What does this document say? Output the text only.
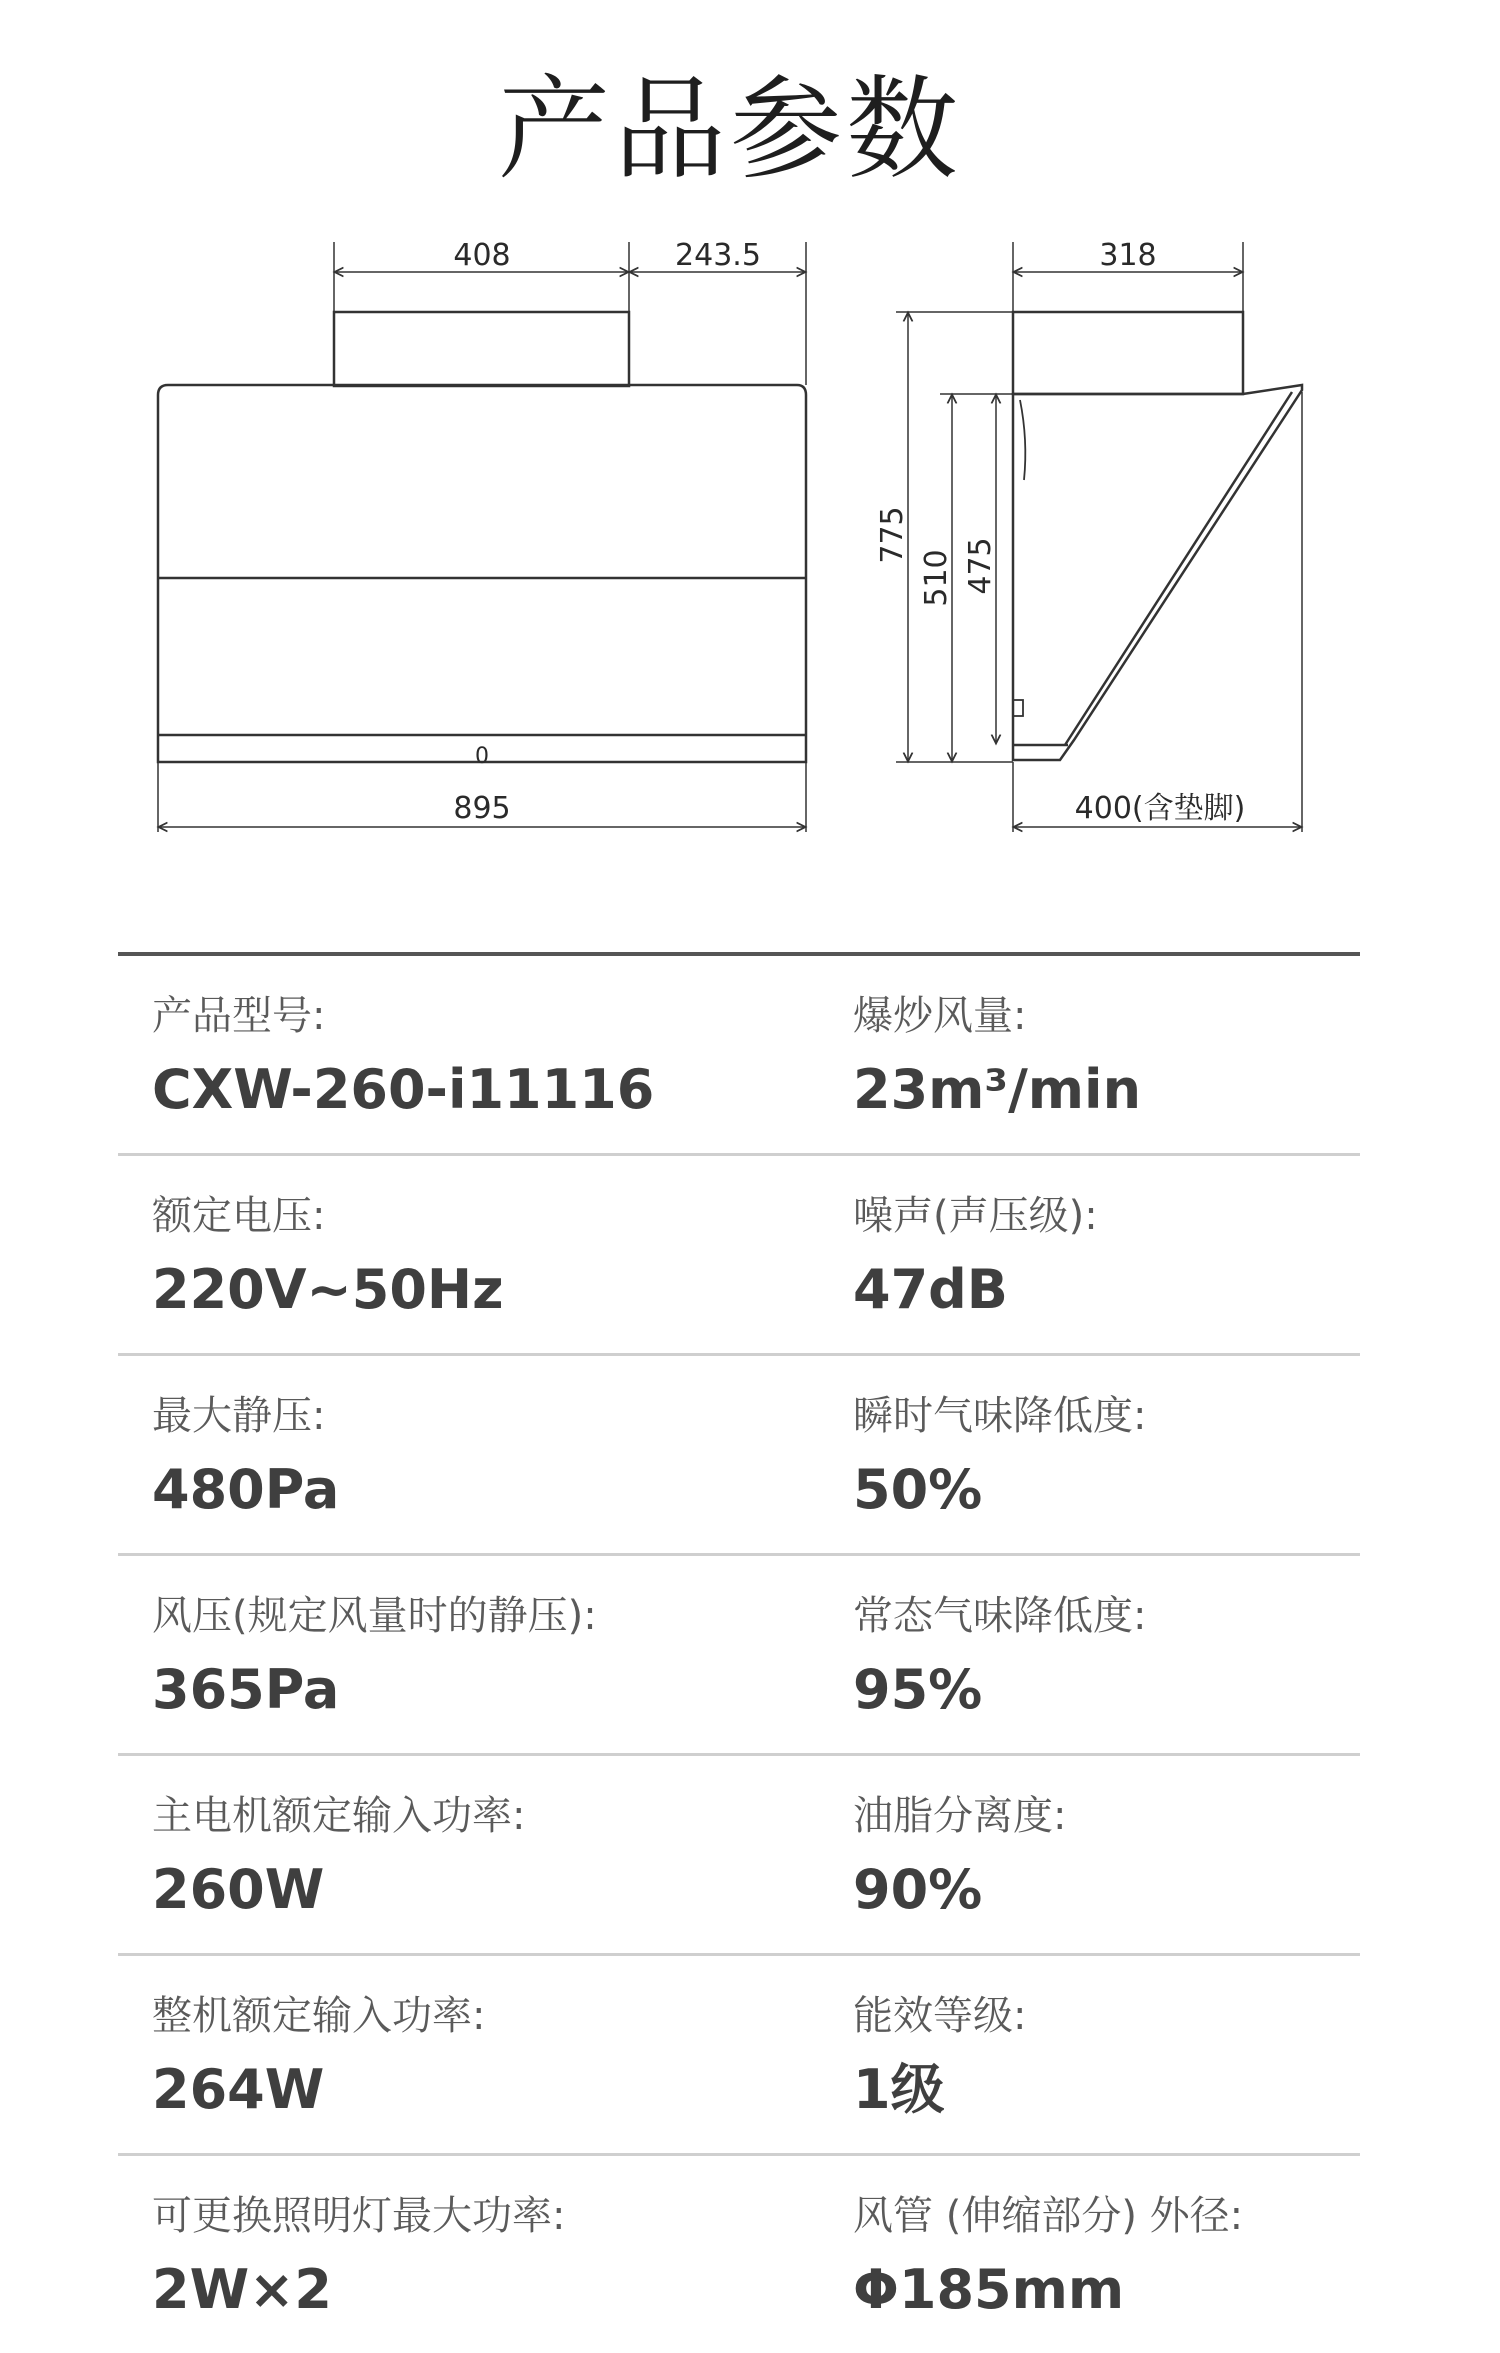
产品参数
408	243.5
0
895
318
775
510 475
400(含垫脚)
产品型号:
CXW-260-i11116
爆炒风量:
23m³/min
额定电压:
220V~50Hz
噪声(声压级):
47dB
最大静压:
480Pa
瞬时气味降低度:
50%
风压(规定风量时的静压):
365Pa
常态气味降低度:
95%
主电机额定输入功率:
260W
油脂分离度:
90%
整机额定输入功率:
264W
能效等级:
1级
可更换照明灯最大功率:
2W×2
风管 (伸缩部分) 外径:
Φ185mm
